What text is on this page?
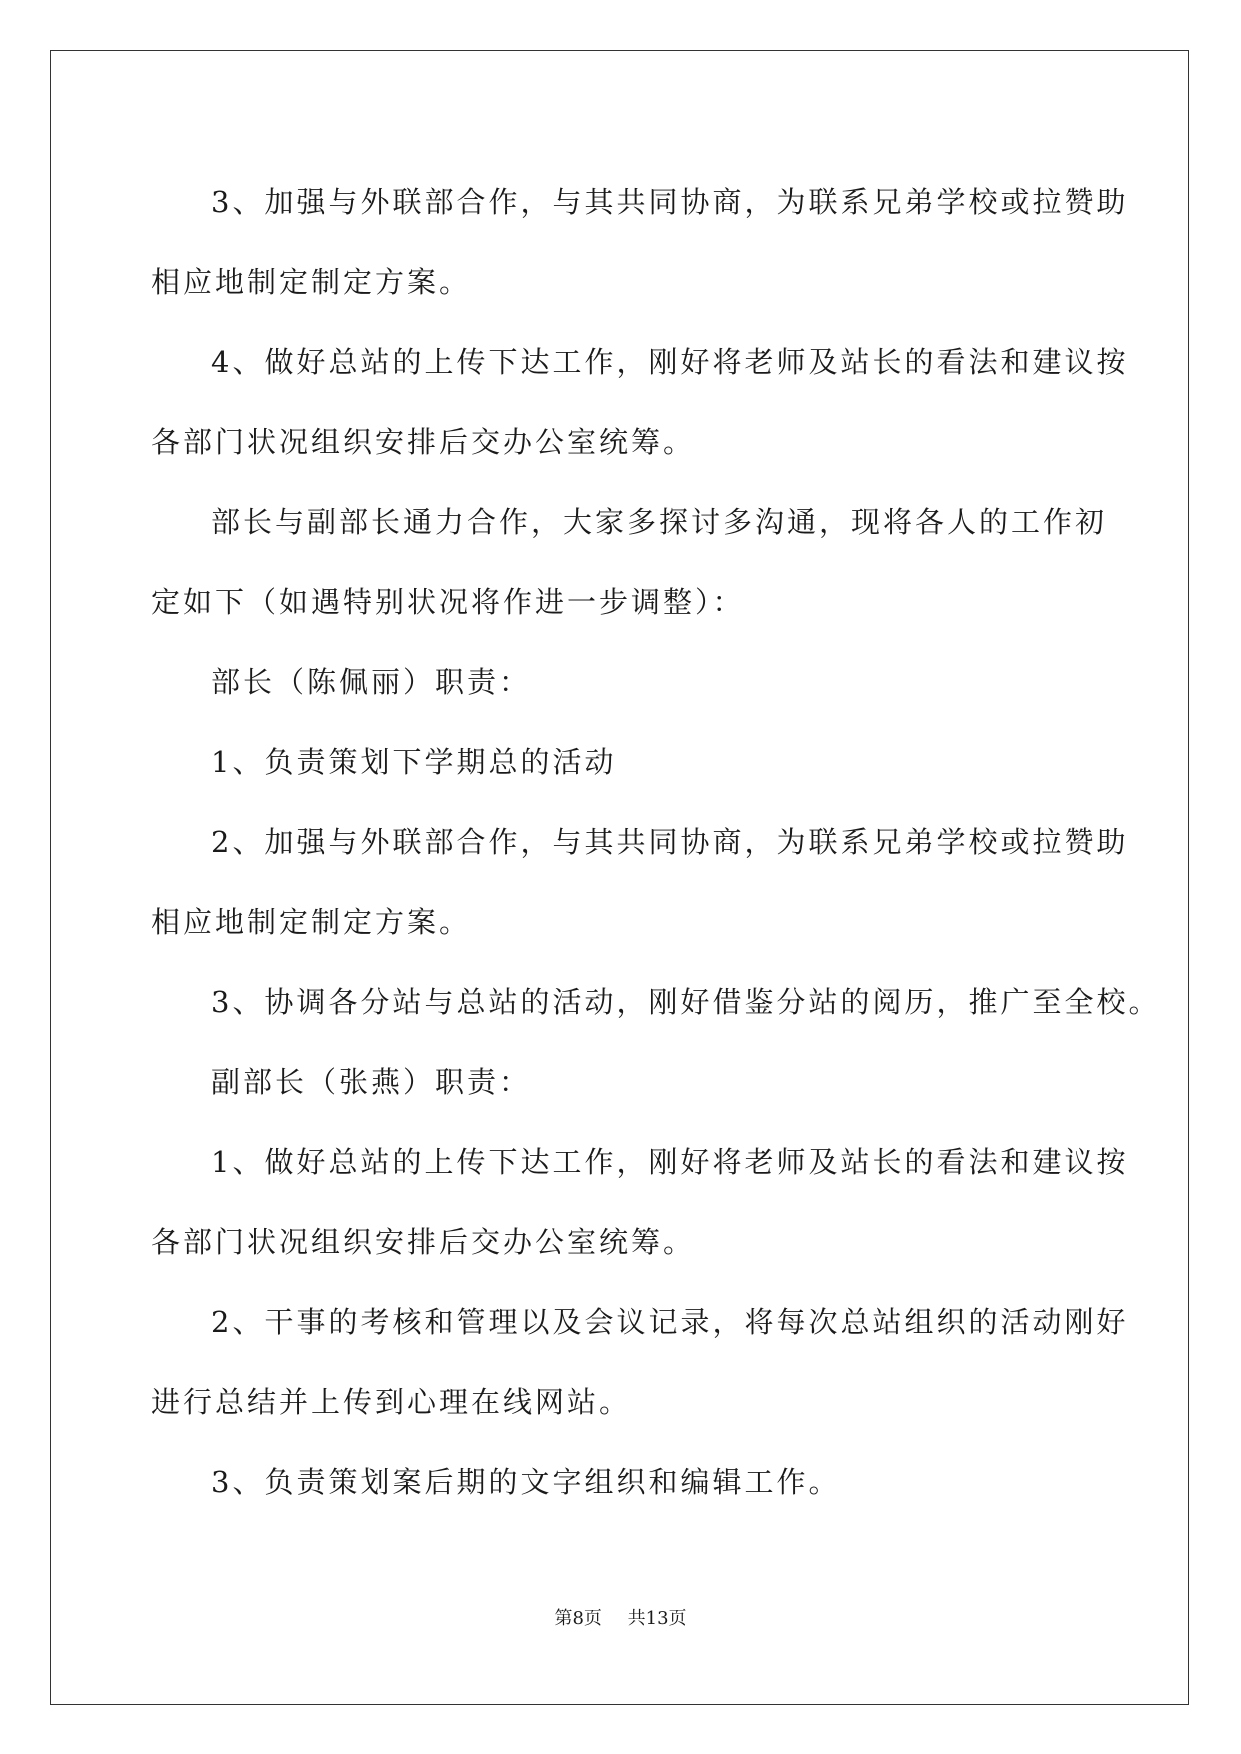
3、加强与外联部合作，与其共同协商，为联系兄弟学校或拉赞助

相应地制定制定方案。

4、做好总站的上传下达工作，刚好将老师及站长的看法和建议按

各部门状况组织安排后交办公室统筹。

部长与副部长通力合作，大家多探讨多沟通，现将各人的工作初

定如下（如遇特别状况将作进一步调整）：

部长（陈佩丽）职责：

1、负责策划下学期总的活动

2、加强与外联部合作，与其共同协商，为联系兄弟学校或拉赞助

相应地制定制定方案。

3、协调各分站与总站的活动，刚好借鉴分站的阅历，推广至全校。

副部长（张燕）职责：

1、做好总站的上传下达工作，刚好将老师及站长的看法和建议按

各部门状况组织安排后交办公室统筹。

2、干事的考核和管理以及会议记录，将每次总站组织的活动刚好

进行总结并上传到心理在线网站。

3、负责策划案后期的文字组织和编辑工作。

第8页 共13页
